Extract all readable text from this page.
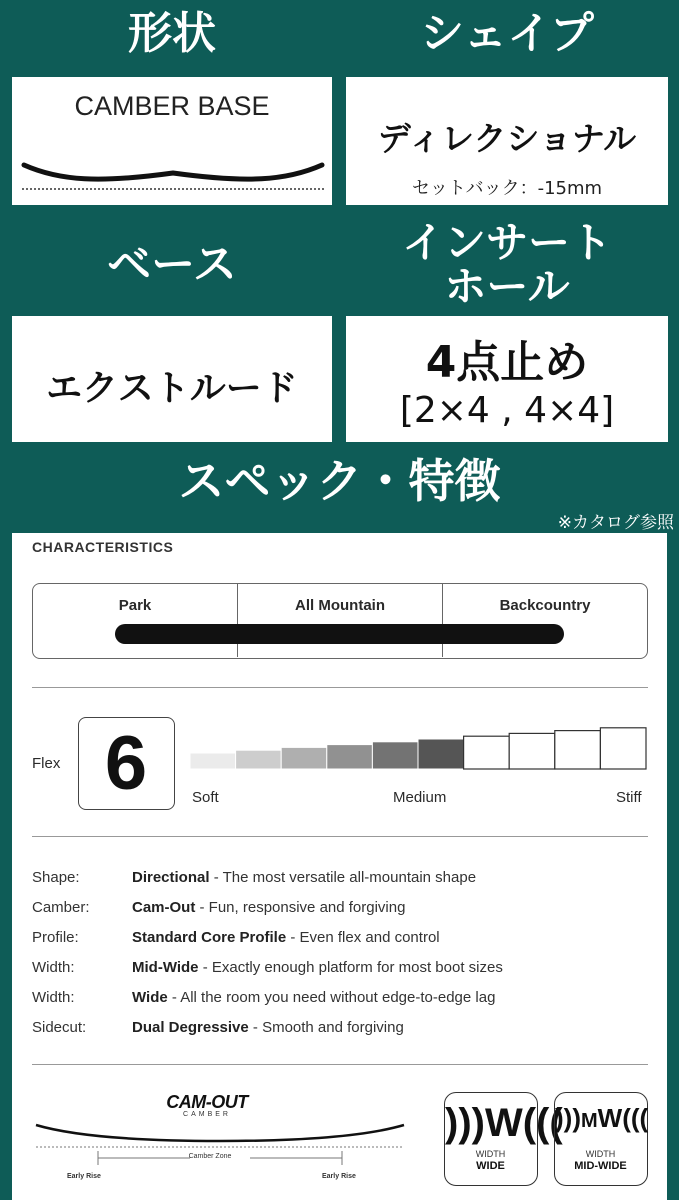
形状	シェイプ
CAMBER BASE
ディレクショナル
セットバック：-15mm
ベース	インサート
ホール
エクストルード
4点止め
[2×4 , 4×4]
スペック・特徴
※カタログ参照
CHARACTERISTICS
Park	All Mountain	Backcountry
Flex 6	Soft	Medium	Stiff
Shape:	Directional - The most versatile all-mountain shape
Camber:	Cam-Out - Fun, responsive and forgiving
Profile:	Standard Core Profile - Even flex and control
Width:	Mid-Wide - Exactly enough platform for most boot sizes
Width:	Wide - All the room you need without edge-to-edge lag
Sidecut:	Dual Degressive - Smooth and forgiving
CAM-OUT
CAMBER
Camber Zone
Early Rise	Early Rise
)))W(((
WIDTH
WIDE
)))MW(((
WIDTH
MID-WIDE
